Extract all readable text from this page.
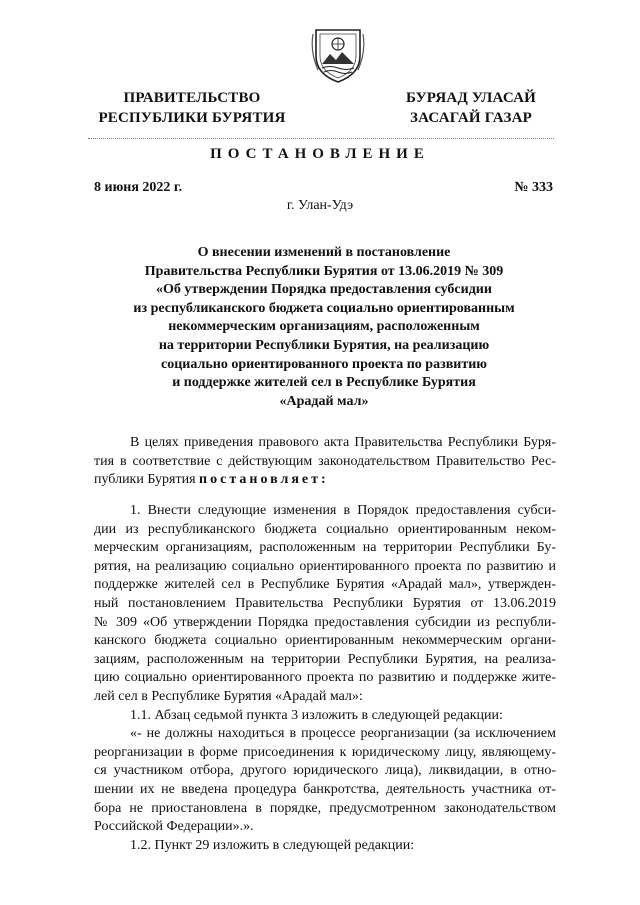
ПРАВИТЕЛЬСТВО
РЕСПУБЛИКИ БУРЯТИЯ
БУРЯАД УЛАСАЙ
ЗАСАГАЙ ГАЗАР
ПОСТАНОВЛЕНИЕ
8 июня 2022 г.	№ 333
г. Улан-Удэ
О внесении изменений в постановление
Правительства Республики Бурятия от 13.06.2019 № 309
«Об утверждении Порядка предоставления субсидии
из республиканского бюджета социально ориентированным
некоммерческим организациям, расположенным
на территории Республики Бурятия, на реализацию
социально ориентированного проекта по развитию
и поддержке жителей сел в Республике Бурятия
«Арадай мал»
В целях приведения правового акта Правительства Республики Буря-
тия в соответствие с действующим законодательством Правительство Рес-
публики Бурятия постановляет:
1. Внести следующие изменения в Порядок предоставления субси-
дии из республиканского бюджета социально ориентированным неком-
мерческим организациям, расположенным на территории Республики Бу-
рятия, на реализацию социально ориентированного проекта по развитию и
поддержке жителей сел в Республике Бурятия «Арадай мал», утвержден-
ный постановлением Правительства Республики Бурятия от 13.06.2019
№ 309 «Об утверждении Порядка предоставления субсидии из республи-
канского бюджета социально ориентированным некоммерческим органи-
зациям, расположенным на территории Республики Бурятия, на реализа-
цию социально ориентированного проекта по развитию и поддержке жите-
лей сел в Республике Бурятия «Арадай мал»:
1.1. Абзац седьмой пункта 3 изложить в следующей редакции:
«- не должны находиться в процессе реорганизации (за исключением
реорганизации в форме присоединения к юридическому лицу, являющему-
ся участником отбора, другого юридического лица), ликвидации, в отно-
шении их не введена процедура банкротства, деятельность участника от-
бора не приостановлена в порядке, предусмотренном законодательством
Российской Федерации».».
1.2. Пункт 29 изложить в следующей редакции:
